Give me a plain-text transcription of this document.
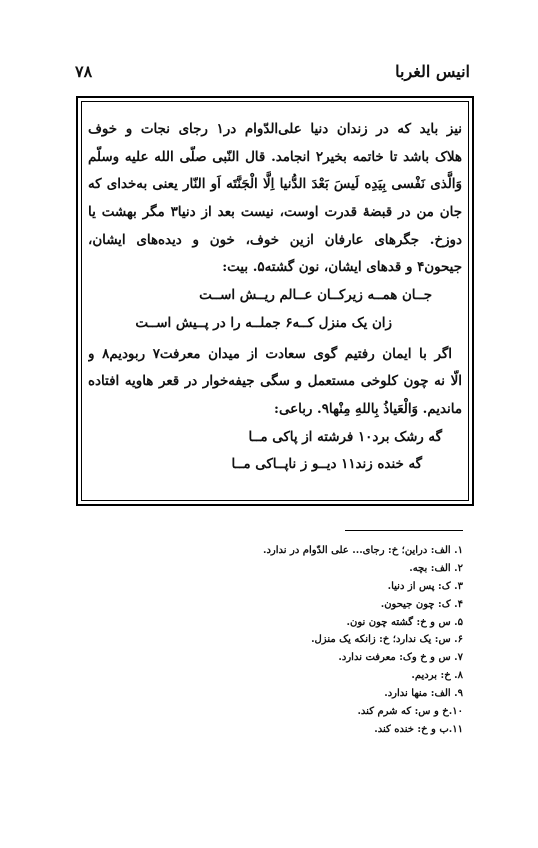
انیس الغربا
۷۸
نیز باید که در زندان دنیا علی‌الدّوام در۱ رجای نجات و خوف
هلاک باشد تا خاتمه بخیر۲ انجامد. قال النّبی صلّی الله علیه وسلّم
وَالَّذی نَفْسی بِیَدِه لَیسَ بَعْدَ الدُّنیا اِلَّا الْجَنَّتَه اَو النّار یعنی به‌خدای که
جان من در قبضهٔ قدرت اوست، نیست بعد از دنیا۳ مگر بهشت یا
دوزخ. جگرهای عارفان ازین خوف، خون و دیده‌های ایشان،
جیحون۴ و قدهای ایشان، نون گشته۵. بیت:
جــان همــه زیرکــان عــالم ریــش اســت
زان یک منزل کــه۶ جملــه را در پــیش اســت
اگر با ایمان رفتیم گوی سعادت از میدان معرفت۷ ربودیم۸ و
الّا نه چون کلوخی مستعمل و سگی جیفه‌خوار در قعر هاویه افتاده
ماندیم. وَالْعَیاذُ بِاللهِ مِنْها۹. رباعی:
گه رشک برد۱۰ فرشته از پاکی مــا
گه خنده زند۱۱ دیــو ز ناپــاکی مــا
۱. الف: دراین؛ خ: رجای... علی الدّوام در ندارد.
۲. الف: بچه.
۳. ک: پس از دنیا.
۴. ک: چون جیحون.
۵. س و خ: گشته چون نون.
۶. س: یک ندارد؛ خ: زانکه یک منزل.
۷. س و خ وک: معرفت ندارد.
۸. خ: بردیم.
۹. الف: منها ندارد.
۱۰.خ و س: که شرم کند.
۱۱.ب و خ: خنده کند.
